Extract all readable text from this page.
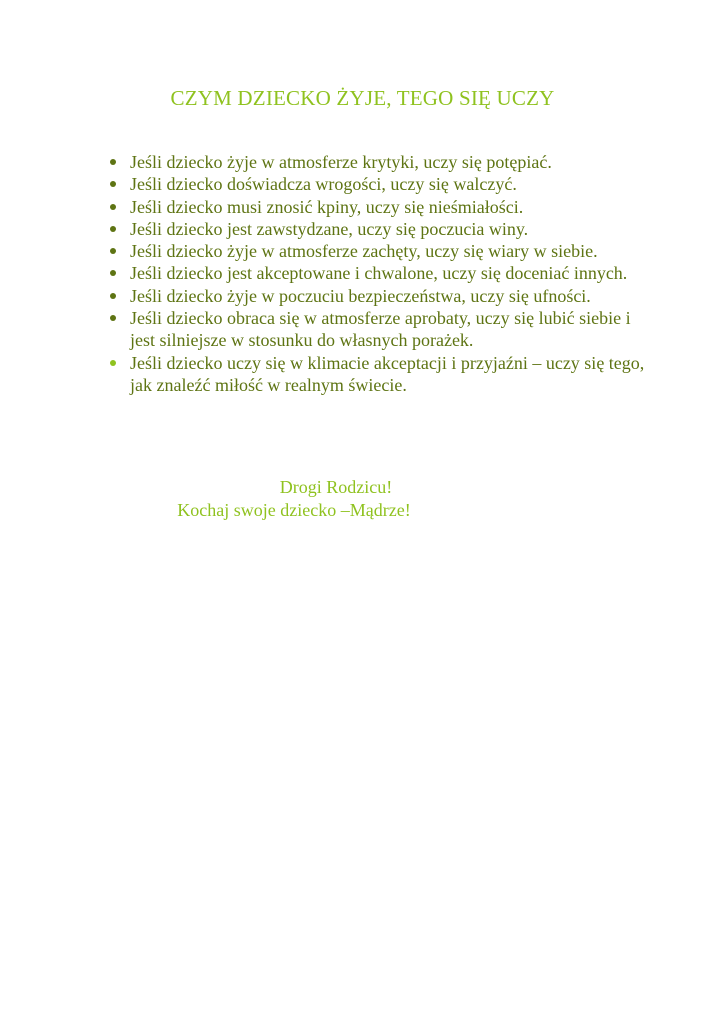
CZYM DZIECKO ŻYJE, TEGO SIĘ UCZY
Jeśli dziecko żyje w atmosferze krytyki, uczy się potępiać.
Jeśli dziecko doświadcza wrogości, uczy się walczyć.
Jeśli dziecko musi znosić kpiny, uczy się nieśmiałości.
Jeśli dziecko jest zawstydzane, uczy się poczucia winy.
Jeśli dziecko żyje w atmosferze zachęty, uczy się wiary w siebie.
Jeśli dziecko jest akceptowane i chwalone, uczy się doceniać innych.
Jeśli dziecko żyje w poczuciu bezpieczeństwa, uczy się ufności.
Jeśli dziecko obraca się w atmosferze aprobaty, uczy się lubić siebie i jest silniejsze w stosunku do własnych porażek.
Jeśli dziecko uczy się w klimacie akceptacji i przyjaźni – uczy się tego, jak znaleźć miłość w realnym świecie.
Drogi Rodzicu!
Kochaj swoje dziecko –Mądrze!
